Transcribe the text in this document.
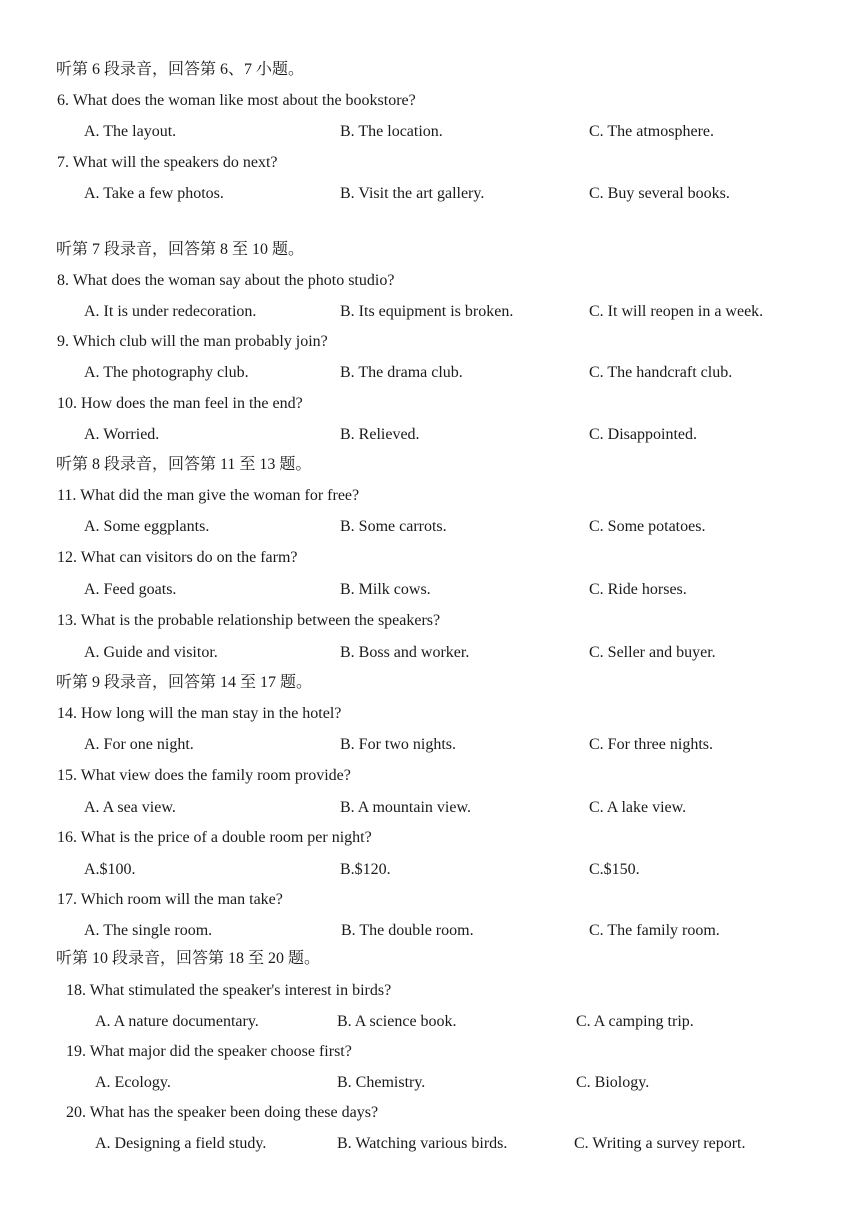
听第 6 段录音，回答第 6、7 小题。
6. What does the woman like most about the bookstore?
A. The layout.	B. The location.	C. The atmosphere.
7. What will the speakers do next?
A. Take a few photos.	B. Visit the art gallery.	C. Buy several books.
听第 7 段录音，回答第 8 至 10 题。
8. What does the woman say about the photo studio?
A. It is under redecoration.	B. Its equipment is broken.	C. It will reopen in a week.
9. Which club will the man probably join?
A. The photography club.	B. The drama club.	C. The handcraft club.
10. How does the man feel in the end?
A. Worried.	B. Relieved.	C. Disappointed.
听第 8 段录音，回答第 11 至 13 题。
11. What did the man give the woman for free?
A. Some eggplants.	B. Some carrots.	C. Some potatoes.
12. What can visitors do on the farm?
A. Feed goats.	B. Milk cows.	C. Ride horses.
13. What is the probable relationship between the speakers?
A. Guide and visitor.	B. Boss and worker.	C. Seller and buyer.
听第 9 段录音，回答第 14 至 17 题。
14. How long will the man stay in the hotel?
A. For one night.	B. For two nights.	C. For three nights.
15. What view does the family room provide?
A. A sea view.	B. A mountain view.	C. A lake view.
16. What is the price of a double room per night?
A.$100.	B.$120.	C.$150.
17. Which room will the man take?
A. The single room.	B. The double room.	C. The family room.
听第 10 段录音，回答第 18 至 20 题。
18. What stimulated the speaker's interest in birds?
A. A nature documentary.	B. A science book.	C. A camping trip.
19. What major did the speaker choose first?
A. Ecology.	B. Chemistry.	C. Biology.
20. What has the speaker been doing these days?
A. Designing a field study.	B. Watching various birds.	C. Writing a survey report.
